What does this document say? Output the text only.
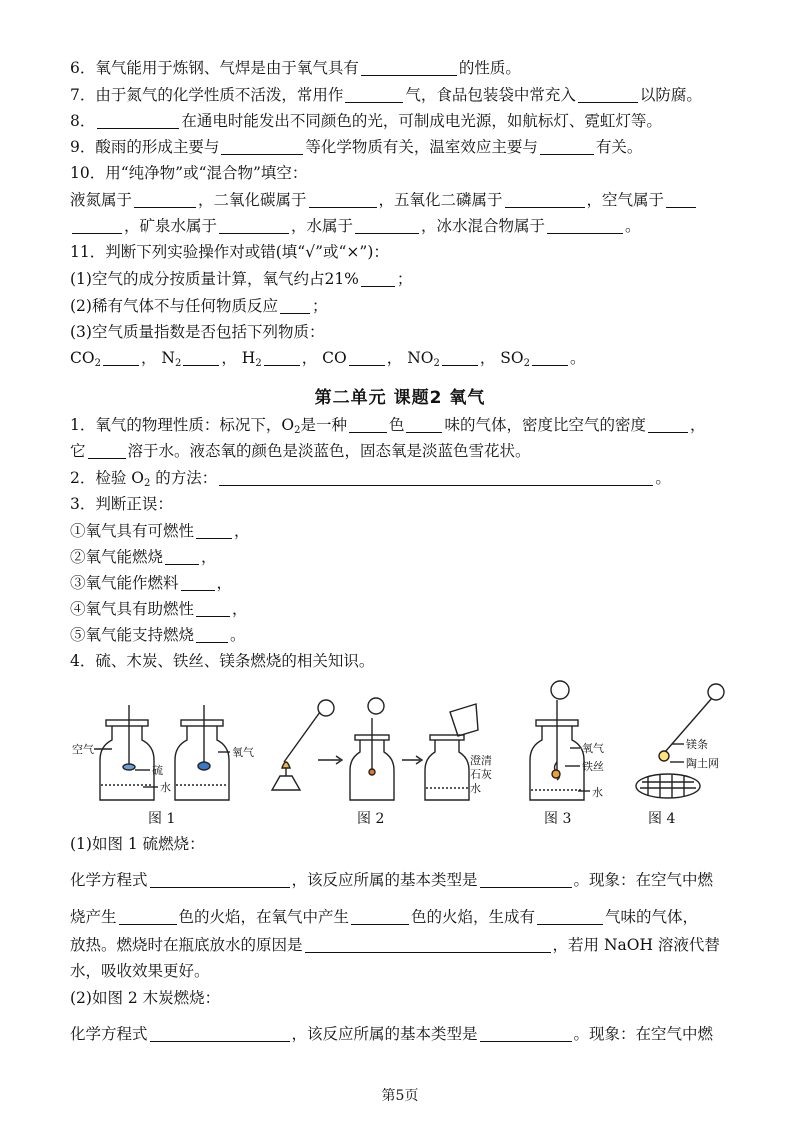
6．氧气能用于炼钢、气焊是由于氧气具有	的性质。
7．由于氮气的化学性质不活泼，常用作	气，食品包装袋中常充入	以防腐。
8．	在通电时能发出不同颜色的光，可制成电光源，如航标灯、霓虹灯等。
9．酸雨的形成主要与	等化学物质有关，温室效应主要与	有关。
10．用“纯净物”或“混合物”填空：
液氮属于	，二氧化碳属于	，五氧化二磷属于	，空气属于
，矿泉水属于	，水属于	，冰水混合物属于	。
11．判断下列实验操作对或错(填“√”或“×”)：
(1)空气的成分按质量计算，氧气约占21% ；
(2)稀有气体不与任何物质反应 ；
(3)空气质量指数是否包括下列物质：
$CO_2$	， $N_2$	， $H_2$	， CO	， $NO_2$	， $SO_2$	。
第二单元 课题2 氧气
1．氧气的物理性质：标况下，$O_2$是一种	色	味的气体，密度比空气的密度	，
它	溶于水。液态氧的颜色是淡蓝色，固态氧是淡蓝色雪花状。
2．检验 $O_2$ 的方法：	。
3．判断正误：
①氧气具有可燃性	，
②氧气能燃烧 ，
③氧气能作燃料 ，
④氧气具有助燃性 ，
⑤氧气能支持燃烧 。
4．硫、木炭、铁丝、镁条燃烧的相关知识。
空气
硫
水
氧气
澄清
石灰
水
氧气
铁丝
水
镁条
陶土网
图 1	图 2	图 3	图 4
(1)如图 1 硫燃烧：
化学方程式	，该反应所属的基本类型是	。现象：在空气中燃
烧产生	色的火焰，在氧气中产生	色的火焰，生成有	气味的气体，
放热。燃烧时在瓶底放水的原因是	，若用 NaOH 溶液代替
水，吸收效果更好。
(2)如图 2 木炭燃烧：
化学方程式	，该反应所属的基本类型是	。现象：在空气中燃
第5页
